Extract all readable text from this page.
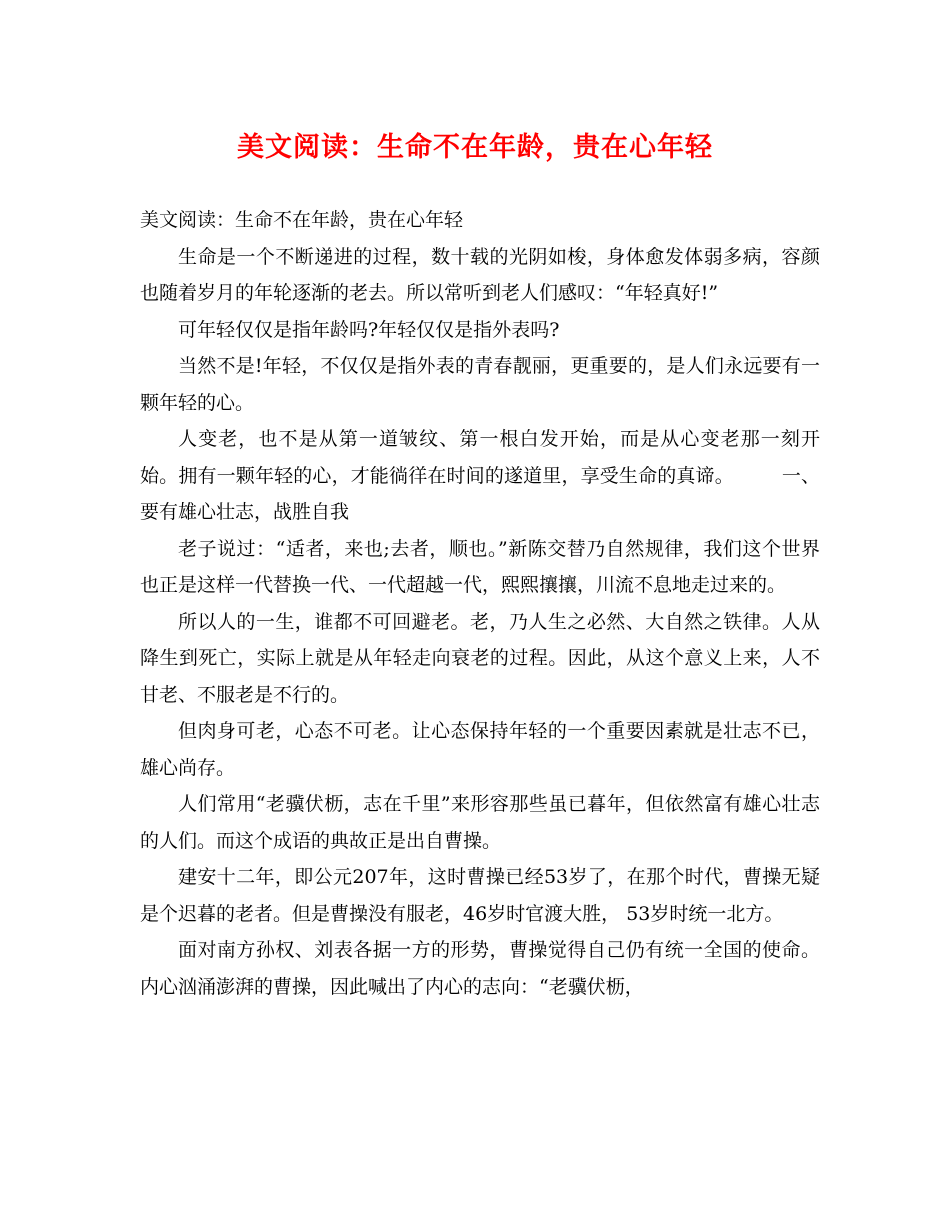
美文阅读：生命不在年龄，贵在心年轻

美文阅读：生命不在年龄，贵在心年轻

生命是一个不断递进的过程，数十载的光阴如梭，身体愈发体弱多病，容颜也随着岁月的年轮逐渐的老去。所以常听到老人们感叹：“年轻真好!”

可年轻仅仅是指年龄吗?年轻仅仅是指外表吗?

当然不是!年轻，不仅仅是指外表的青春靓丽，更重要的，是人们永远要有一颗年轻的心。

人变老，也不是从第一道皱纹、第一根白发开始，而是从心变老那一刻开始。拥有一颗年轻的心，才能徜徉在时间的遂道里，享受生命的真谛。　　　一、要有雄心壮志，战胜自我

老子说过：“适者，来也;去者，顺也。”新陈交替乃自然规律，我们这个世界也正是这样一代替换一代、一代超越一代，熙熙攘攘，川流不息地走过来的。

所以人的一生，谁都不可回避老。老，乃人生之必然、大自然之铁律。人从降生到死亡，实际上就是从年轻走向衰老的过程。因此，从这个意义上来，人不甘老、不服老是不行的。

但肉身可老，心态不可老。让心态保持年轻的一个重要因素就是壮志不已，雄心尚存。

人们常用“老骥伏枥，志在千里”来形容那些虽已暮年，但依然富有雄心壮志的人们。而这个成语的典故正是出自曹操。

建安十二年，即公元207年，这时曹操已经53岁了，在那个时代，曹操无疑是个迟暮的老者。但是曹操没有服老，46岁时官渡大胜， 53岁时统一北方。

面对南方孙权、刘表各据一方的形势，曹操觉得自己仍有统一全国的使命。内心汹涌澎湃的曹操，因此喊出了内心的志向：“老骥伏枥，
